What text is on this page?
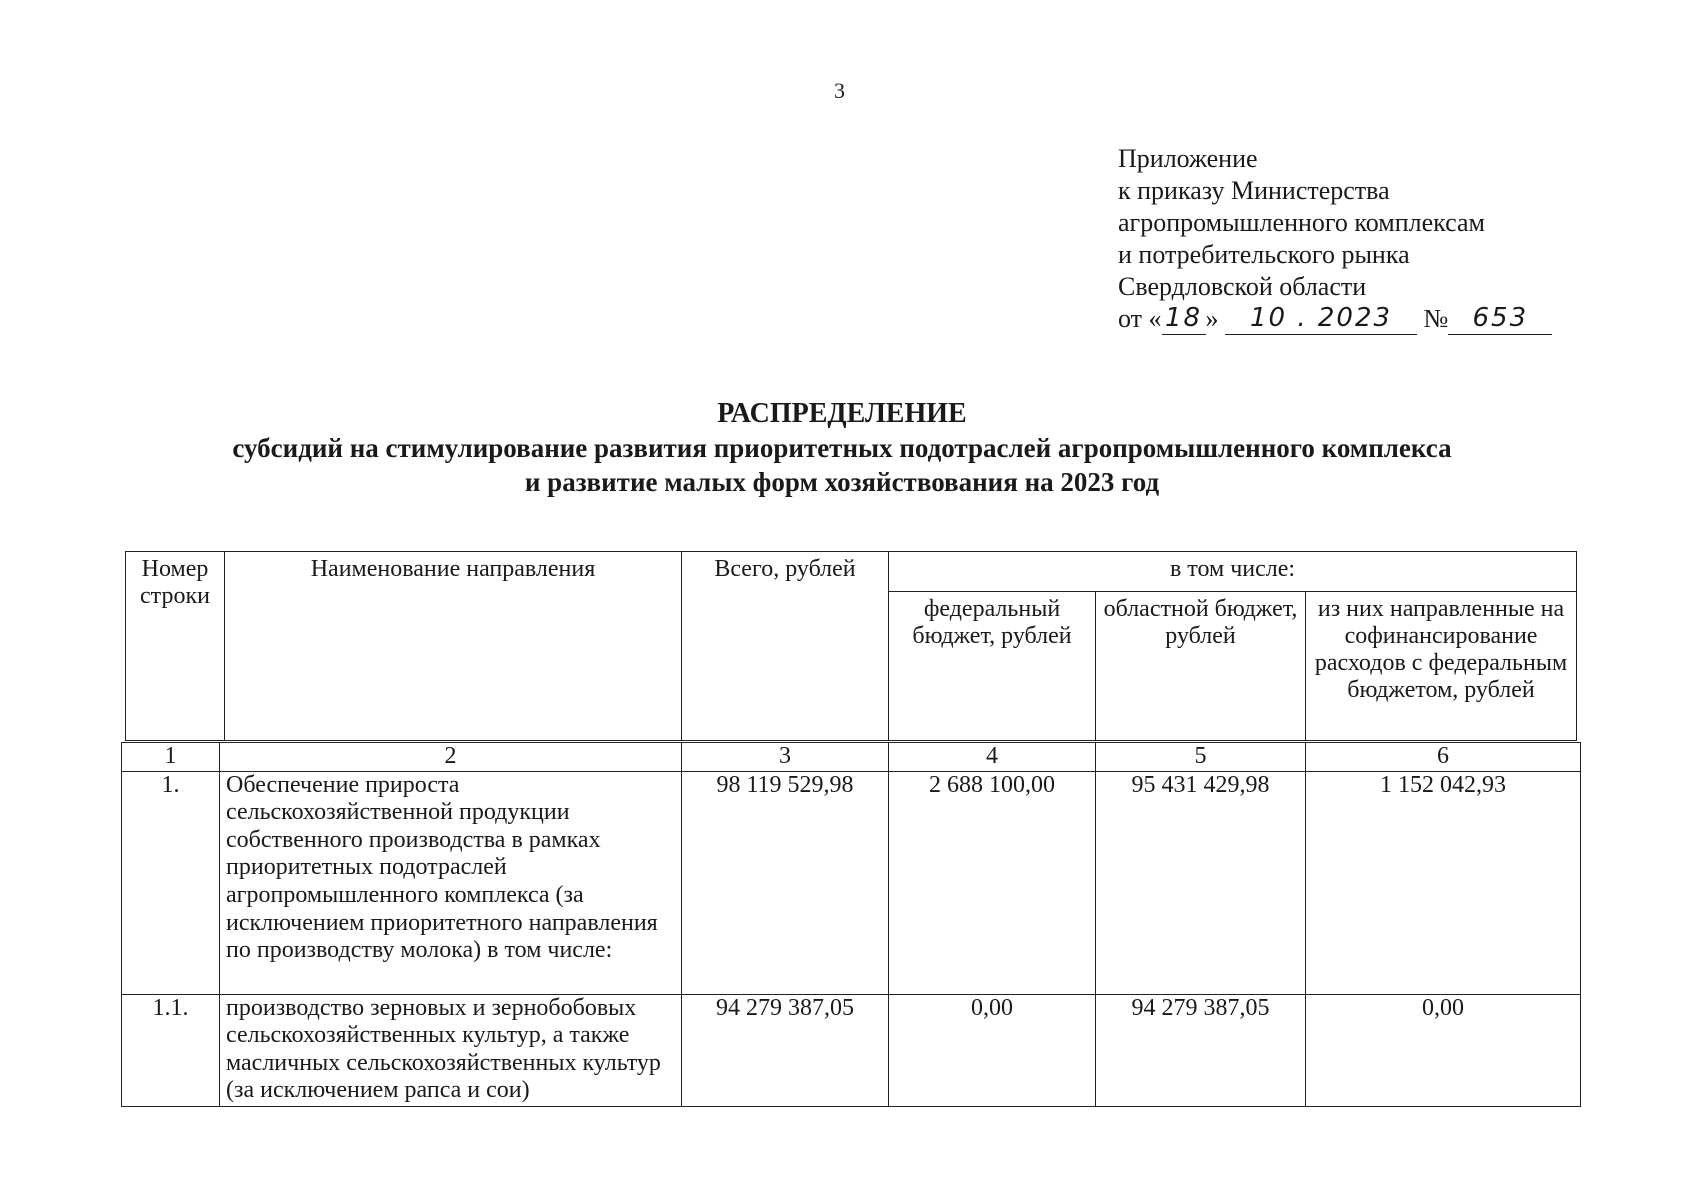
3
Приложение
к приказу Министерства
агропромышленного комплексам
и потребительского рынка
Свердловской области
от « 18 » 10 . 2023 № 653
РАСПРЕДЕЛЕНИЕ
субсидий на стимулирование развития приоритетных подотраслей агропромышленного комплекса
и развитие малых форм хозяйствования на 2023 год
Номер строки	Наименование направления	Всего, рублей	в том числе:		
			федеральный бюджет, рублей	областной бюджет, рублей	из них направленные на софинансирование расходов с федеральным бюджетом, рублей
1	2	3	4	5	6
1.	Обеспечение прироста сельскохозяйственной продукции собственного производства в рамках приоритетных подотраслей агропромышленного комплекса (за исключением приоритетного направления по производству молока) в том числе:	98 119 529,98	2 688 100,00	95 431 429,98	1 152 042,93
1.1.	производство зерновых и зернобобовых сельскохозяйственных культур, а также масличных сельскохозяйственных культур (за исключением рапса и сои)	94 279 387,05	0,00	94 279 387,05	0,00
